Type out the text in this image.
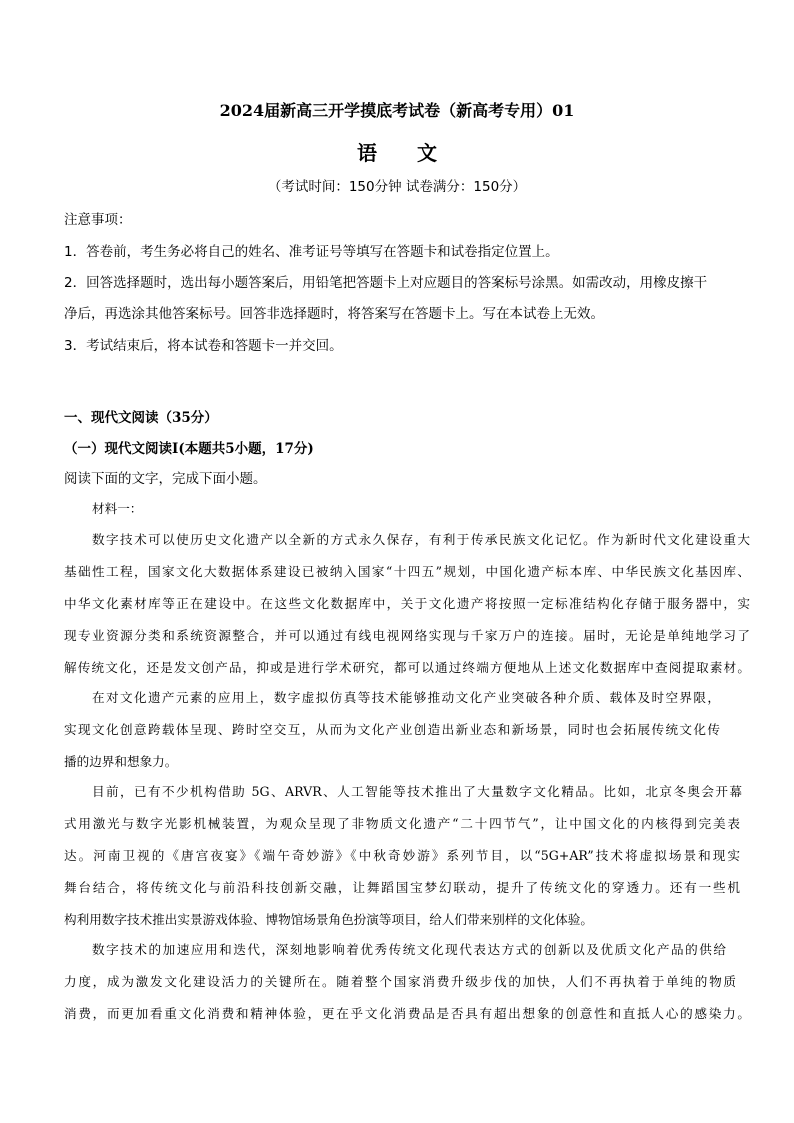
2024届新高三开学摸底考试卷（新高考专用）01
语 文
（考试时间：150分钟 试卷满分：150分）
注意事项：
1．答卷前，考生务必将自己的姓名、准考证号等填写在答题卡和试卷指定位置上。
2．回答选择题时，选出每小题答案后，用铅笔把答题卡上对应题目的答案标号涂黑。如需改动，用橡皮擦干
净后，再选涂其他答案标号。回答非选择题时，将答案写在答题卡上。写在本试卷上无效。
3．考试结束后，将本试卷和答题卡一并交回。
一、现代文阅读（35分）
（一）现代文阅读Ⅰ(本题共5小题，17分)
阅读下面的文字，完成下面小题。
材料一：
数字技术可以使历史文化遗产以全新的方式永久保存，有利于传承民族文化记忆。作为新时代文化建设重大
基础性工程，国家文化大数据体系建设已被纳入国家“十四五”规划，中国化遗产标本库、中华民族文化基因库、
中华文化素材库等正在建设中。在这些文化数据库中，关于文化遗产将按照一定标准结构化存储于服务器中，实
现专业资源分类和系统资源整合，并可以通过有线电视网络实现与千家万户的连接。届时，无论是单纯地学习了
解传统文化，还是发文创产品，抑或是进行学术研究，都可以通过终端方便地从上述文化数据库中查阅提取素材。
在对文化遗产元素的应用上，数字虚拟仿真等技术能够推动文化产业突破各种介质、载体及时空界限，
实现文化创意跨载体呈现、跨时空交互，从而为文化产业创造出新业态和新场景，同时也会拓展传统文化传
播的边界和想象力。
目前，已有不少机构借助 5G、ARVR、人工智能等技术推出了大量数字文化精品。比如，北京冬奥会开幕
式用激光与数字光影机械装置，为观众呈现了非物质文化遗产“二十四节气”，让中国文化的内核得到完美表
达。河南卫视的《唐宫夜宴》《端午奇妙游》《中秋奇妙游》系列节目，以“5G+AR”技术将虚拟场景和现实
舞台结合，将传统文化与前沿科技创新交融，让舞蹈国宝梦幻联动，提升了传统文化的穿透力。还有一些机
构利用数字技术推出实景游戏体验、博物馆场景角色扮演等项目，给人们带来别样的文化体验。
数字技术的加速应用和迭代，深刻地影响着优秀传统文化现代表达方式的创新以及优质文化产品的供给
力度，成为激发文化建设活力的关键所在。随着整个国家消费升级步伐的加快，人们不再执着于单纯的物质
消费，而更加看重文化消费和精神体验，更在乎文化消费品是否具有超出想象的创意性和直抵人心的感染力。
